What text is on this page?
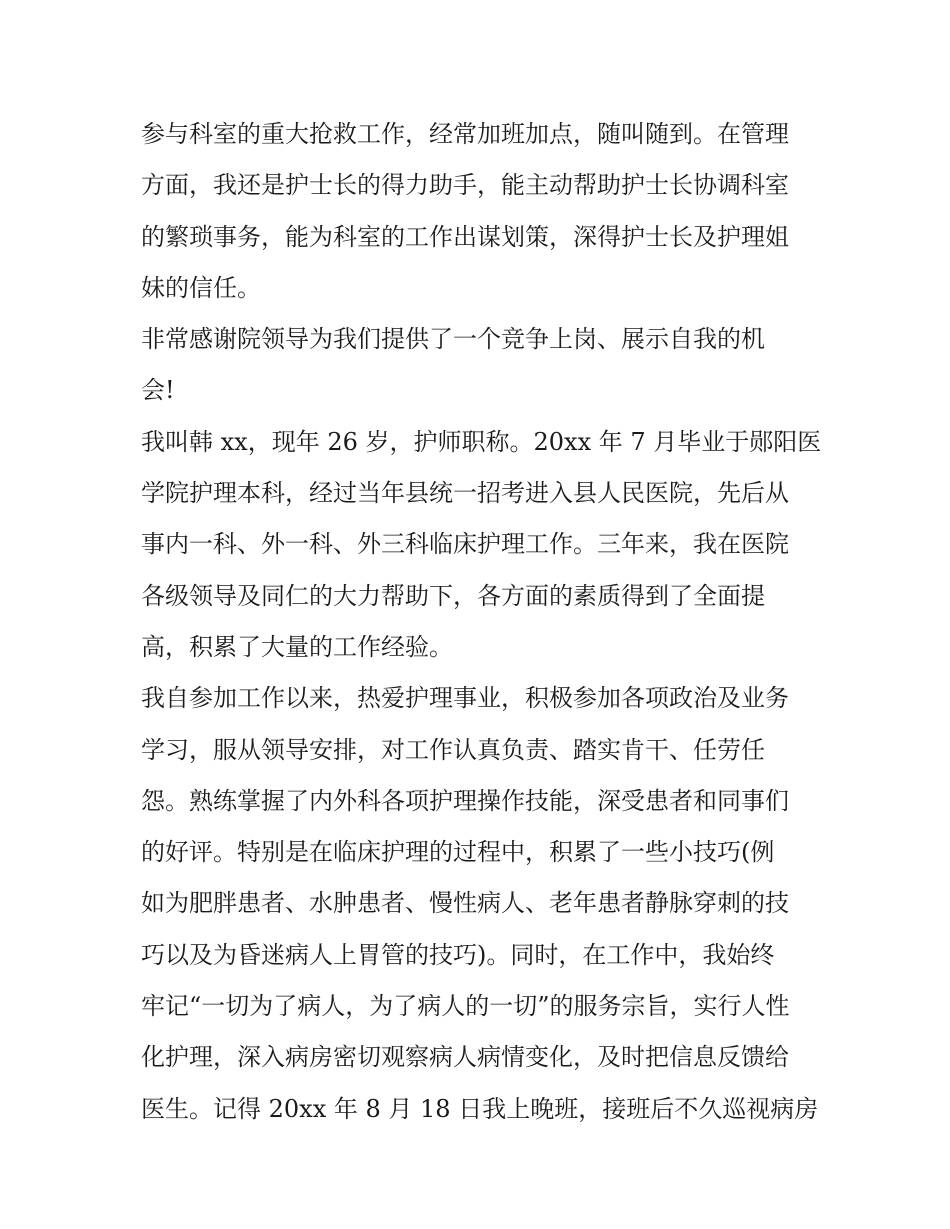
参与科室的重大抢救工作，经常加班加点，随叫随到。在管理
方面，我还是护士长的得力助手，能主动帮助护士长协调科室
的繁琐事务，能为科室的工作出谋划策，深得护士长及护理姐
妹的信任。
非常感谢院领导为我们提供了一个竞争上岗、展示自我的机
会!
我叫韩 xx，现年 26 岁，护师职称。20xx 年 7 月毕业于郧阳医
学院护理本科，经过当年县统一招考进入县人民医院，先后从
事内一科、外一科、外三科临床护理工作。三年来，我在医院
各级领导及同仁的大力帮助下，各方面的素质得到了全面提
高，积累了大量的工作经验。
我自参加工作以来，热爱护理事业，积极参加各项政治及业务
学习，服从领导安排，对工作认真负责、踏实肯干、任劳任
怨。熟练掌握了内外科各项护理操作技能，深受患者和同事们
的好评。特别是在临床护理的过程中，积累了一些小技巧(例
如为肥胖患者、水肿患者、慢性病人、老年患者静脉穿刺的技
巧以及为昏迷病人上胃管的技巧)。同时，在工作中，我始终
牢记“一切为了病人，为了病人的一切”的服务宗旨，实行人性
化护理，深入病房密切观察病人病情变化，及时把信息反馈给
医生。记得 20xx 年 8 月 18 日我上晚班，接班后不久巡视病房
